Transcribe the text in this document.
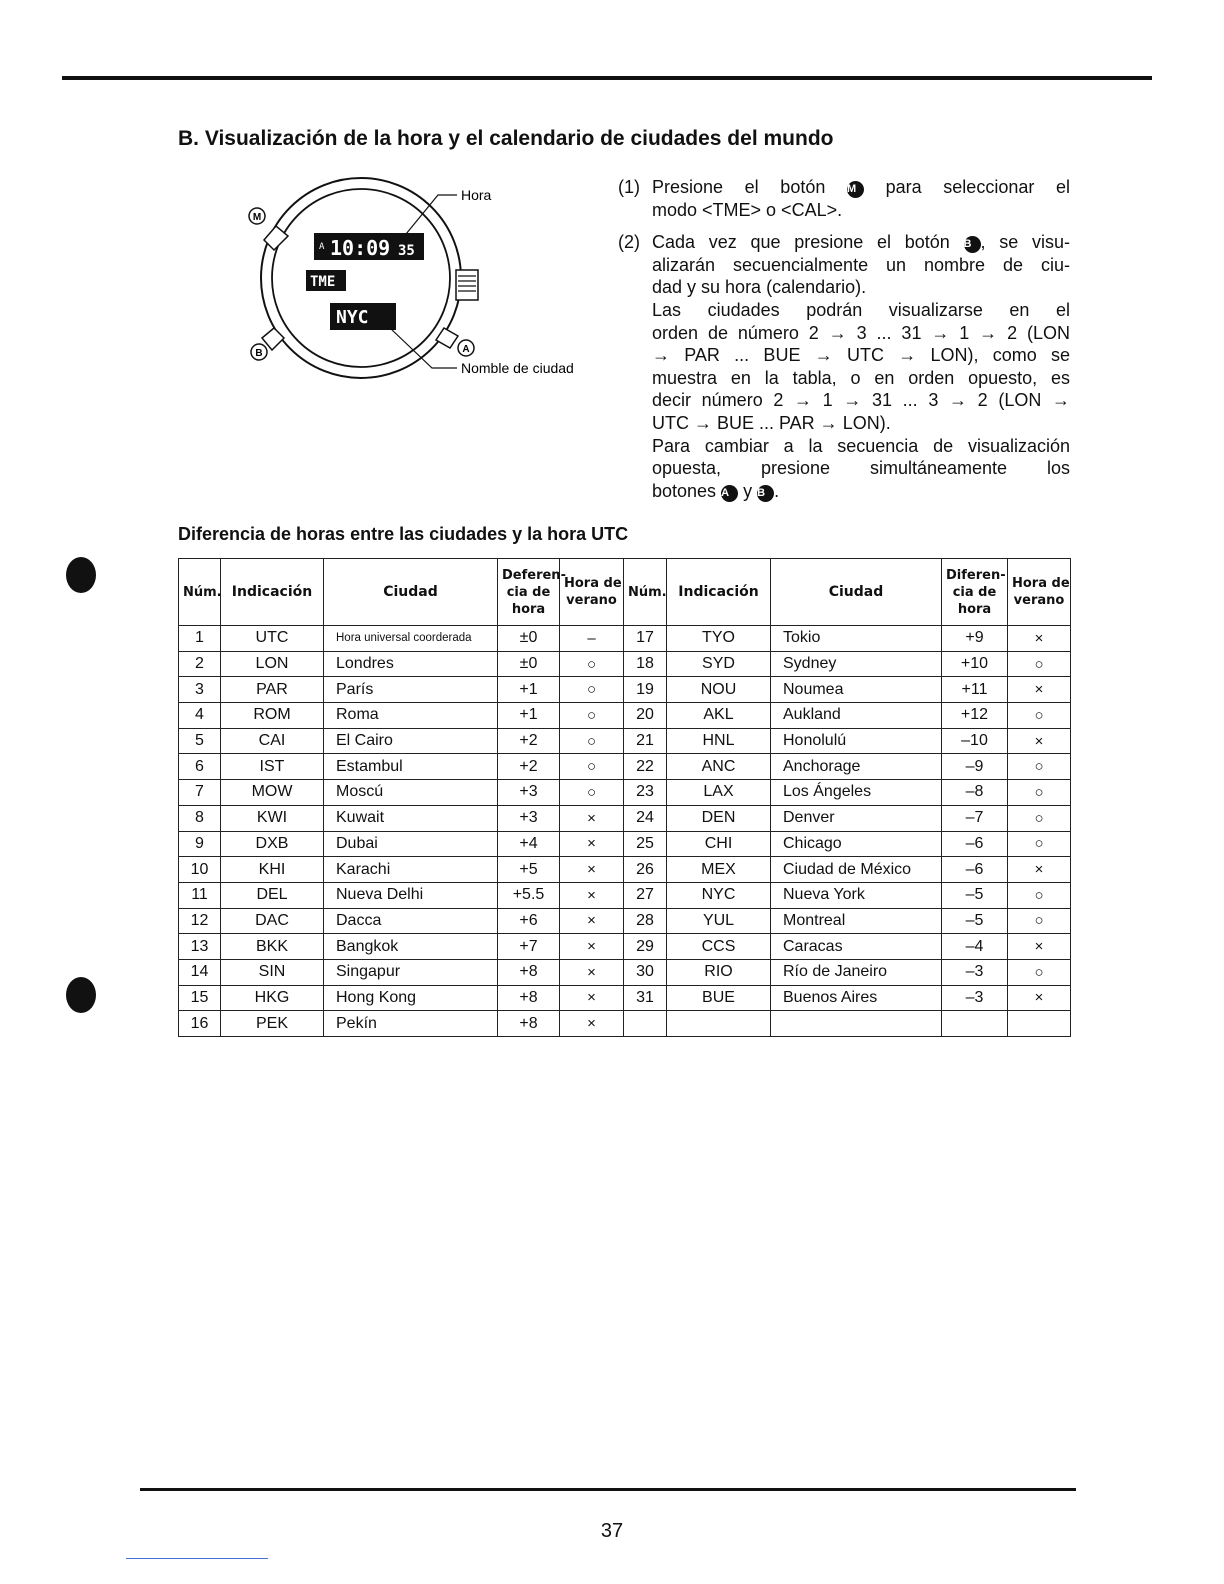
B. Visualización de la hora y el calendario de ciudades del mundo
M
B	A
A 10:09 35
TME
NYC
Hora
Nomble de ciudad
(1) Presione el botón M para seleccionar el
modo <TME> o <CAL>.
(2) Cada vez que presione el botón B , se visu-
alizarán secuencialmente un nombre de ciu-
dad y su hora (calendario).
Las ciudades podrán visualizarse en el
orden de número 2 → 3 ... 31 → 1 → 2 (LON
→ PAR ... BUE → UTC → LON), como se
muestra en la tabla, o en orden opuesto, es
decir número 2 → 1 → 31 ... 3 → 2 (LON →
UTC → BUE ... PAR → LON).
Para cambiar a la secuencia de visualización
opuesta, presione simultáneamente los
botones A y B .
Diferencia de horas entre las ciudades y la hora UTC
Núm.	Indicación	Ciudad	Deferen-
cia de
hora	Hora de
verano	Núm.	Indicación	Ciudad	Diferen-
cia de
hora	Hora de
verano
1	UTC	Hora universal coorderada	±0	–	17	TYO	Tokio	+9	×
2	LON	Londres	±0	○	18	SYD	Sydney	+10	○
3	PAR	París	+1	○	19	NOU	Noumea	+11	×
4	ROM	Roma	+1	○	20	AKL	Aukland	+12	○
5	CAI	El Cairo	+2	○	21	HNL	Honolulú	–10	×
6	IST	Estambul	+2	○	22	ANC	Anchorage	–9	○
7	MOW	Moscú	+3	○	23	LAX	Los Ángeles	–8	○
8	KWI	Kuwait	+3	×	24	DEN	Denver	–7	○
9	DXB	Dubai	+4	×	25	CHI	Chicago	–6	○
10	KHI	Karachi	+5	×	26	MEX	Ciudad de México	–6	×
11	DEL	Nueva Delhi	+5.5	×	27	NYC	Nueva York	–5	○
12	DAC	Dacca	+6	×	28	YUL	Montreal	–5	○
13	BKK	Bangkok	+7	×	29	CCS	Caracas	–4	×
14	SIN	Singapur	+8	×	30	RIO	Río de Janeiro	–3	○
15	HKG	Hong Kong	+8	×	31	BUE	Buenos Aires	–3	×
16	PEK	Pekín	+8	×					
37
